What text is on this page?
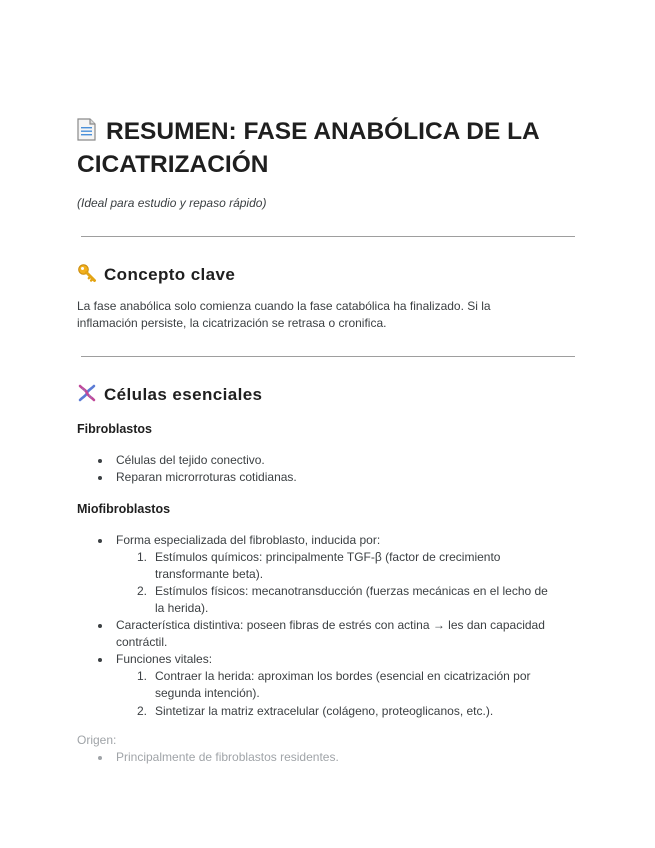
RESUMEN: FASE ANABÓLICA DE LA
CICATRIZACIÓN
(Ideal para estudio y repaso rápido)
Concepto clave

La fase anabólica solo comienza cuando la fase catabólica ha finalizado. Si la
inflamación persiste, la cicatrización se retrasa o cronifica.

Células esenciales
Fibroblastos
Células del tejido conectivo.
Reparan microrroturas cotidianas.
Miofibroblastos
Forma especializada del fibroblasto, inducida por:
1. Estímulos químicos: principalmente TGF-β (factor de crecimiento
transformante beta).
2. Estímulos físicos: mecanotransducción (fuerzas mecánicas en el lecho de
la herida).
Característica distintiva: poseen fibras de estrés con actina → les dan capacidad
contráctil.
Funciones vitales:
1. Contraer la herida: aproximan los bordes (esencial en cicatrización por
segunda intención).
2. Sintetizar la matriz extracelular (colágeno, proteoglicanos, etc.).
Origen:
Principalmente de fibroblastos residentes.
